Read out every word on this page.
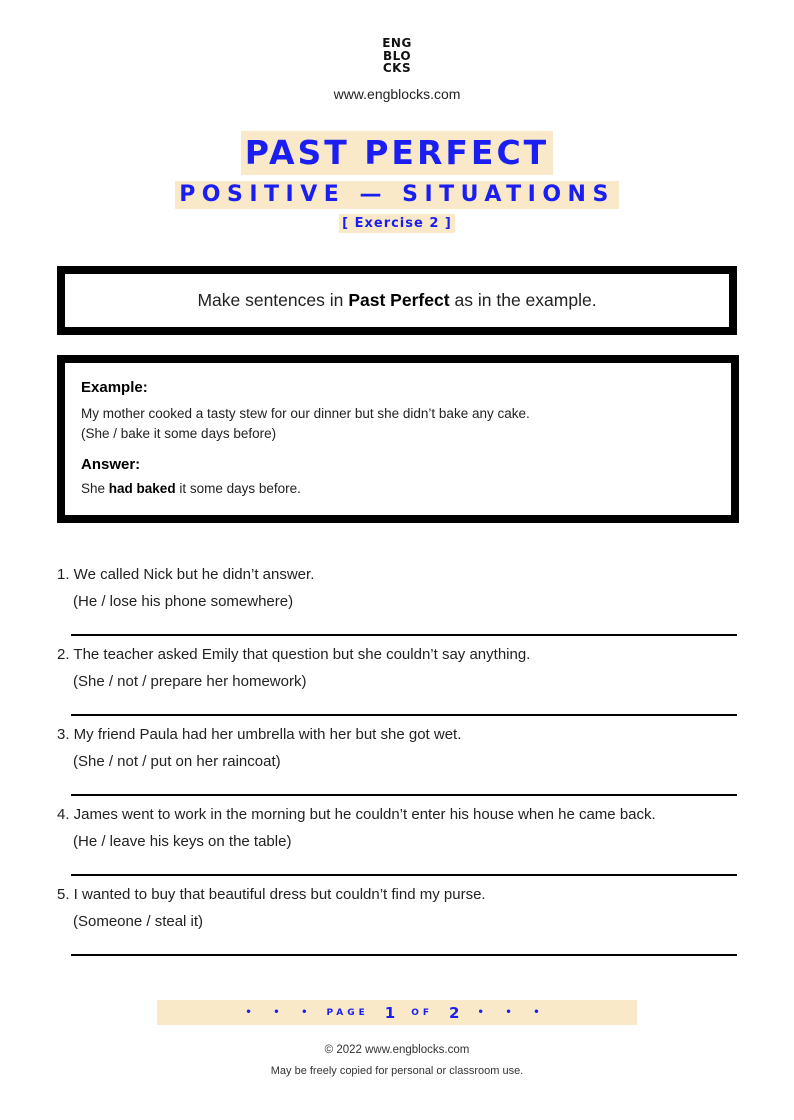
ENG
BLO
CKS
www.engblocks.com
PAST PERFECT
POSITIVE — SITUATIONS
[ Exercise 2 ]
Make sentences in Past Perfect as in the example.
Example:
My mother cooked a tasty stew for our dinner but she didn’t bake any cake.
(She / bake it some days before)
Answer:
She had baked it some days before.
1. We called Nick but he didn’t answer.
(He / lose his phone somewhere)
2. The teacher asked Emily that question but she couldn’t say anything.
(She / not / prepare her homework)
3. My friend Paula had her umbrella with her but she got wet.
(She / not / put on her raincoat)
4. James went to work in the morning but he couldn’t enter his house when he came back.
(He / leave his keys on the table)
5. I wanted to buy that beautiful dress but couldn’t find my purse.
(Someone / steal it)
• • • PAGE 1 OF 2 • • •
© 2022 www.engblocks.com
May be freely copied for personal or classroom use.
